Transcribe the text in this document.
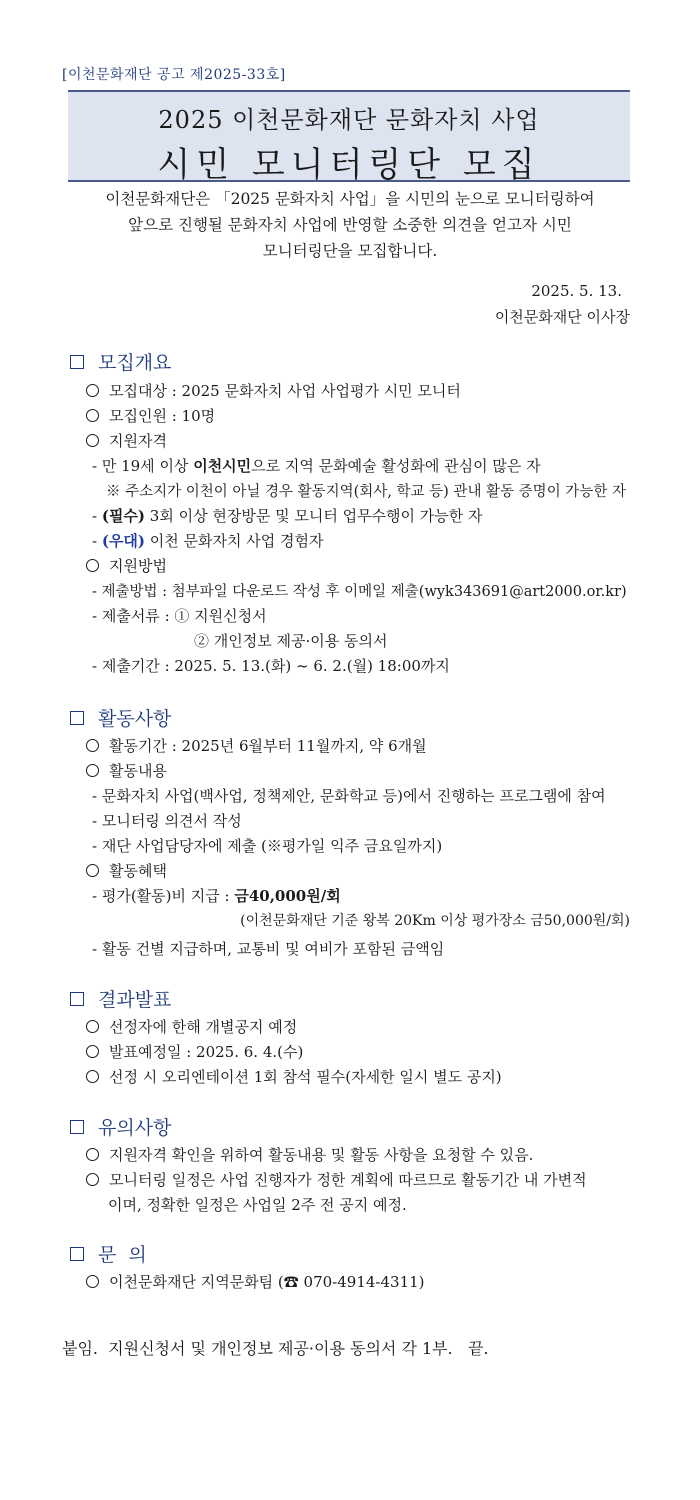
[이천문화재단 공고 제2025-33호]
2025 이천문화재단 문화자치 사업
시민 모니터링단 모집
이천문화재단은 「2025 문화자치 사업」을 시민의 눈으로 모니터링하여
앞으로 진행될 문화자치 사업에 반영할 소중한 의견을 얻고자 시민
모니터링단을 모집합니다.
2025. 5. 13.
이천문화재단 이사장
모집개요
모집대상 : 2025 문화자치 사업 사업평가 시민 모니터
모집인원 : 10명
지원자격
- 만 19세 이상 이천시민으로 지역 문화예술 활성화에 관심이 많은 자
※ 주소지가 이천이 아닐 경우 활동지역(회사, 학교 등) 관내 활동 증명이 가능한 자
- (필수) 3회 이상 현장방문 및 모니터 업무수행이 가능한 자
- (우대) 이천 문화자치 사업 경험자
지원방법
- 제출방법 : 첨부파일 다운로드 작성 후 이메일 제출(wyk343691@art2000.or.kr)
- 제출서류 : ① 지원신청서
② 개인정보 제공·이용 동의서
- 제출기간 : 2025. 5. 13.(화) ~ 6. 2.(월) 18:00까지
활동사항
활동기간 : 2025년 6월부터 11월까지, 약 6개월
활동내용
- 문화자치 사업(백사업, 정책제안, 문화학교 등)에서 진행하는 프로그램에 참여
- 모니터링 의견서 작성
- 재단 사업담당자에 제출 (※평가일 익주 금요일까지)
활동혜택
- 평가(활동)비 지급 : 금40,000원/회
(이천문화재단 기준 왕복 20Km 이상 평가장소 금50,000원/회)
- 활동 건별 지급하며, 교통비 및 여비가 포함된 금액임
결과발표
선정자에 한해 개별공지 예정
발표예정일 : 2025. 6. 4.(수)
선정 시 오리엔테이션 1회 참석 필수(자세한 일시 별도 공지)
유의사항
지원자격 확인을 위하여 활동내용 및 활동 사항을 요청할 수 있음.
모니터링 일정은 사업 진행자가 정한 계획에 따르므로 활동기간 내 가변적
이며, 정확한 일정은 사업일 2주 전 공지 예정.
문  의
이천문화재단 지역문화팀 (☎ 070-4914-4311)
붙임.  지원신청서 및 개인정보 제공·이용 동의서 각 1부.   끝.
